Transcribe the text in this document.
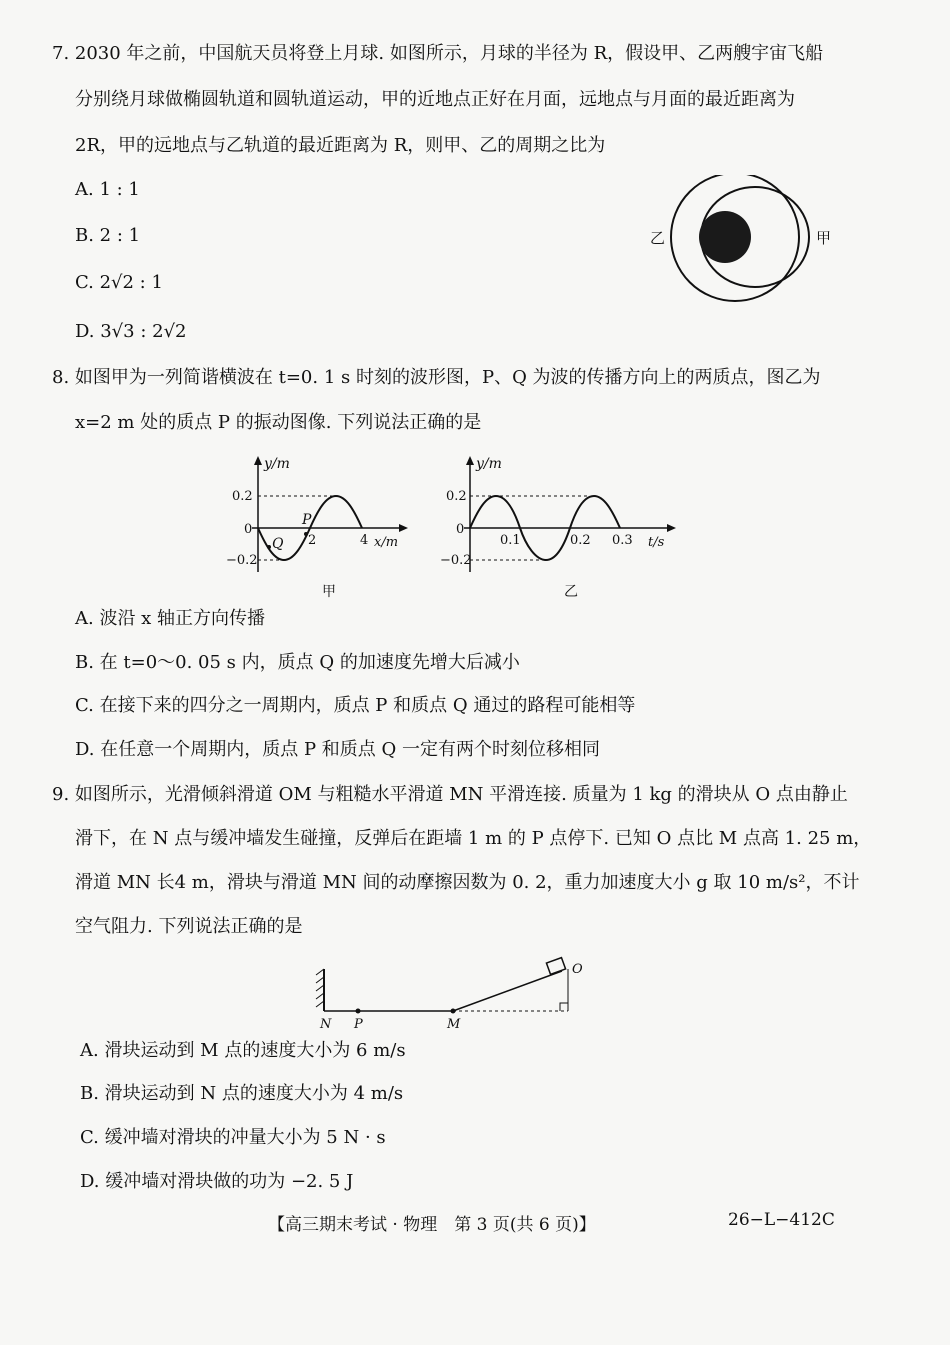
7. 2030 年之前，中国航天员将登上月球. 如图所示，月球的半径为 R，假设甲、乙两艘宇宙飞船
分别绕月球做椭圆轨道和圆轨道运动，甲的近地点正好在月面，远地点与月面的最近距离为
2R，甲的远地点与乙轨道的最近距离为 R，则甲、乙的周期之比为
A. 1 : 1
B. 2 : 1
C. 2√2 : 1
D. 3√3 : 2√2
乙	甲
8. 如图甲为一列简谐横波在 t=0. 1 s 时刻的波形图，P、Q 为波的传播方向上的两质点，图乙为
x=2 m 处的质点 P 的振动图像. 下列说法正确的是
y/m
0.2
0
−0.2
2	4 x/m
P
Q
甲
y/m
0.2
0
−0.2
0.1	0.2 0.3 t/s
乙
A. 波沿 x 轴正方向传播
B. 在 t=0～0. 05 s 内，质点 Q 的加速度先增大后减小
C. 在接下来的四分之一周期内，质点 P 和质点 Q 通过的路程可能相等
D. 在任意一个周期内，质点 P 和质点 Q 一定有两个时刻位移相同
9. 如图所示，光滑倾斜滑道 OM 与粗糙水平滑道 MN 平滑连接. 质量为 1 kg 的滑块从 O 点由静止
滑下，在 N 点与缓冲墙发生碰撞，反弹后在距墙 1 m 的 P 点停下. 已知 O 点比 M 点高 1. 25 m，
滑道 MN 长4 m，滑块与滑道 MN 间的动摩擦因数为 0. 2，重力加速度大小 g 取 10 m/s²，不计
空气阻力. 下列说法正确的是
N P	M
O
A. 滑块运动到 M 点的速度大小为 6 m/s
B. 滑块运动到 N 点的速度大小为 4 m/s
C. 缓冲墙对滑块的冲量大小为 5 N · s
D. 缓冲墙对滑块做的功为 −2. 5 J
【高三期末考试 · 物理　第 3 页(共 6 页)】	26−L−412C
